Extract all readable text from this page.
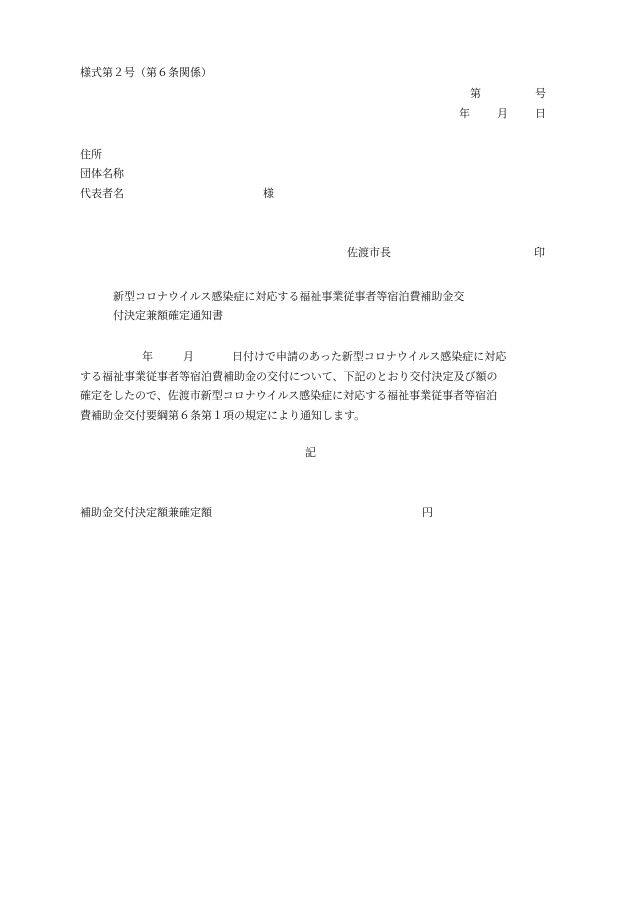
様式第２号（第６条関係）
第	号
年 月 日
住所
団体名称
代表者名	様
佐渡市長	印
新型コロナウイルス感染症に対応する福祉事業従事者等宿泊費補助金交
付決定兼額確定通知書
年	月	日付けで申請のあった新型コロナウイルス感染症に対応
する福祉事業従事者等宿泊費補助金の交付について、下記のとおり交付決定及び額の
確定をしたので、佐渡市新型コロナウイルス感染症に対応する福祉事業従事者等宿泊
費補助金交付要綱第６条第１項の規定により通知します。
記
補助金交付決定額兼確定額	円
